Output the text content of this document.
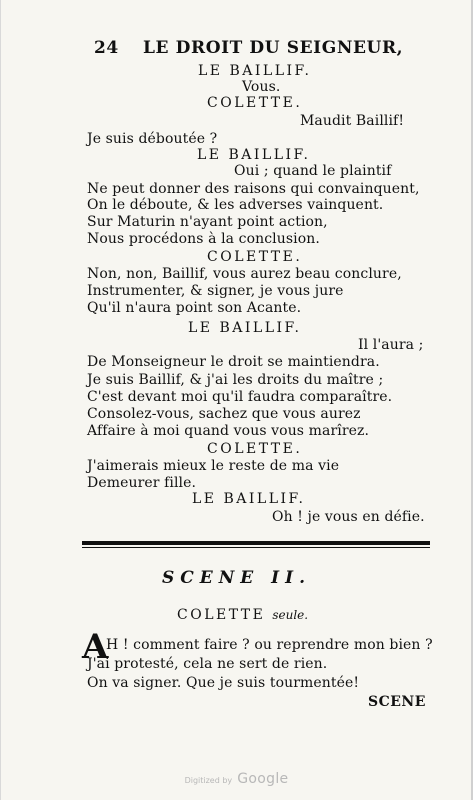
24 LE DROIT DU SEIGNEUR,
LE BAILLIF.
Vous.
COLETTE.
Maudit Baillif!
Je suis déboutée ?
LE BAILLIF.
Oui ; quand le plaintif
Ne peut donner des raisons qui convainquent,
On le déboute, & les adverses vainquent.
Sur Maturin n'ayant point action,
Nous procédons à la conclusion.
COLETTE.
Non, non, Baillif, vous aurez beau conclure,
Instrumenter, & signer, je vous jure
Qu'il n'aura point son Acante.
LE BAILLIF.
Il l'aura ;
De Monseigneur le droit se maintiendra.
Je suis Baillif, & j'ai les droits du maître ;
C'est devant moi qu'il faudra comparaître.
Consolez-vous, sachez que vous aurez
Affaire à moi quand vous vous marîrez.
COLETTE.
J'aimerais mieux le reste de ma vie
Demeurer fille.
LE BAILLIF.
Oh ! je vous en défie.
SCENE II.
COLETTE seule.
A
H ! comment faire ? ou reprendre mon bien ?
J'ai protesté, cela ne sert de rien.
On va signer. Que je suis tourmentée!
SCENE
Digitized by Google
